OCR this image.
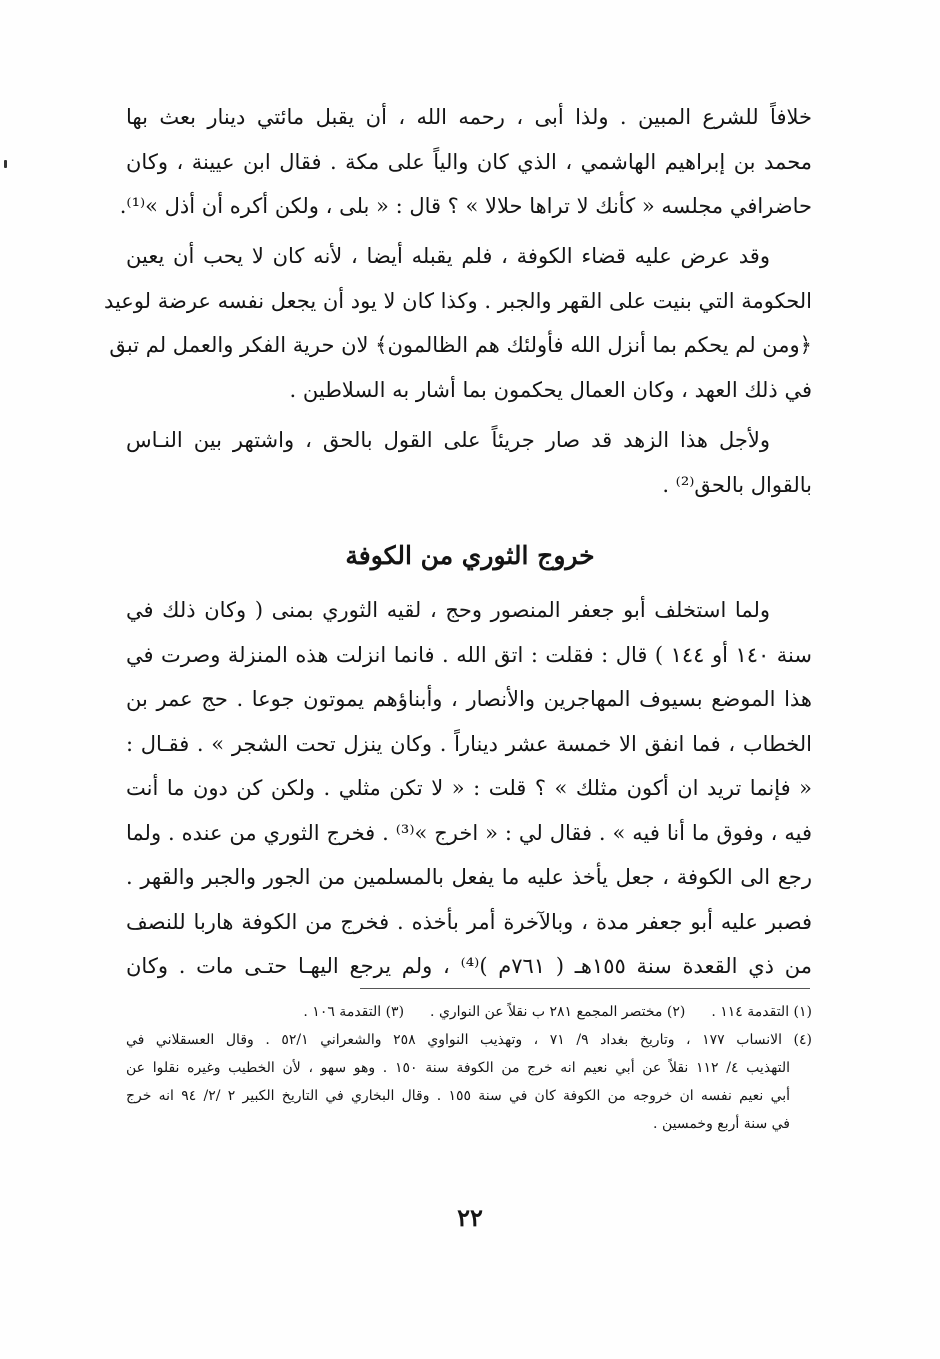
خلافاً للشرع المبين . ولذا أبى ، رحمه الله ، أن يقبل مائتي دينار بعث بها
محمد بن إبراهيم الهاشمي ، الذي كان والياً على مكة . فقال ابن عيينة ، وكان
حاضرافي مجلسه « كأنك لا تراها حلالا » ؟ قال : « بلى ، ولكن أكره أن أذل »⁽¹⁾.
وقد عرض عليه قضاء الكوفة ، فلم يقبله أيضا ، لأنه كان لا يحب أن يعين
الحكومة التي بنيت على القهر والجبر . وكذا كان لا يود أن يجعل نفسه عرضة لوعيد
﴿ومن لم يحكم بما أنزل الله فأولئك هم الظالمون﴾ لان حرية الفكر والعمل لم تبق
في ذلك العهد ، وكان العمال يحكمون بما أشار به السلاطين .
ولأجل هذا الزهد قد صار جريئاً على القول بالحق ، واشتهر بين النـاس
بالقوال بالحق⁽²⁾ .
خروج الثوري من الكوفة
ولما استخلف أبو جعفر المنصور وحج ، لقيه الثوري بمنى ( وكان ذلك في
سنة ١٤٠ أو ١٤٤ ) قال : فقلت : اتق الله . فانما انزلت هذه المنزلة وصرت في
هذا الموضع بسيوف المهاجرين والأنصار ، وأبناؤهم يموتون جوعا . حج عمر بن
الخطاب ، فما انفق الا خمسة عشر ديناراً . وكان ينزل تحت الشجر » . فقـال :
« فإنما تريد ان أكون مثلك » ؟ قلت : « لا تكن مثلي . ولكن كن دون ما أنت
فيه ، وفوق ما أنا فيه » . فقال لي : « اخرج »⁽³⁾ . فخرج الثوري من عنده . ولما
رجع الى الكوفة ، جعل يأخذ عليه ما يفعل بالمسلمين من الجور والجبر والقهر .
فصبر عليه أبو جعفر مدة ، وبالآخرة أمر بأخذه . فخرج من الكوفة هاربا للنصف
من ذي القعدة سنة ١٥٥هـ ( ٧٦١م )⁽⁴⁾ ، ولم يرجع اليهـا حتـى مات . وكان
(١) التقدمة ١١٤ .
(٢) مختصر المجمع ٢٨١ ب نقلاً عن النواري .
(٣) التقدمة ١٠٦ .
(٤) الانساب ١٧٧ ، وتاريخ بغداد ٩/ ٧١ ، وتهذيب النواوي ٢٥٨ والشعراني ٥٢/١ . وقال العسقلاني في
التهذيب ٤/ ١١٢ نقلاً عن أبي نعيم انه خرج من الكوفة سنة ١٥٠ . وهو سهو ، لأن الخطيب وغيره نقلوا عن
أبي نعيم نفسه ان خروجه من الكوفة كان في سنة ١٥٥ . وقال البخاري في التاريخ الكبير ٢ /٢/ ٩٤ انه خرج
في سنة أربع وخمسين .
٢٢
